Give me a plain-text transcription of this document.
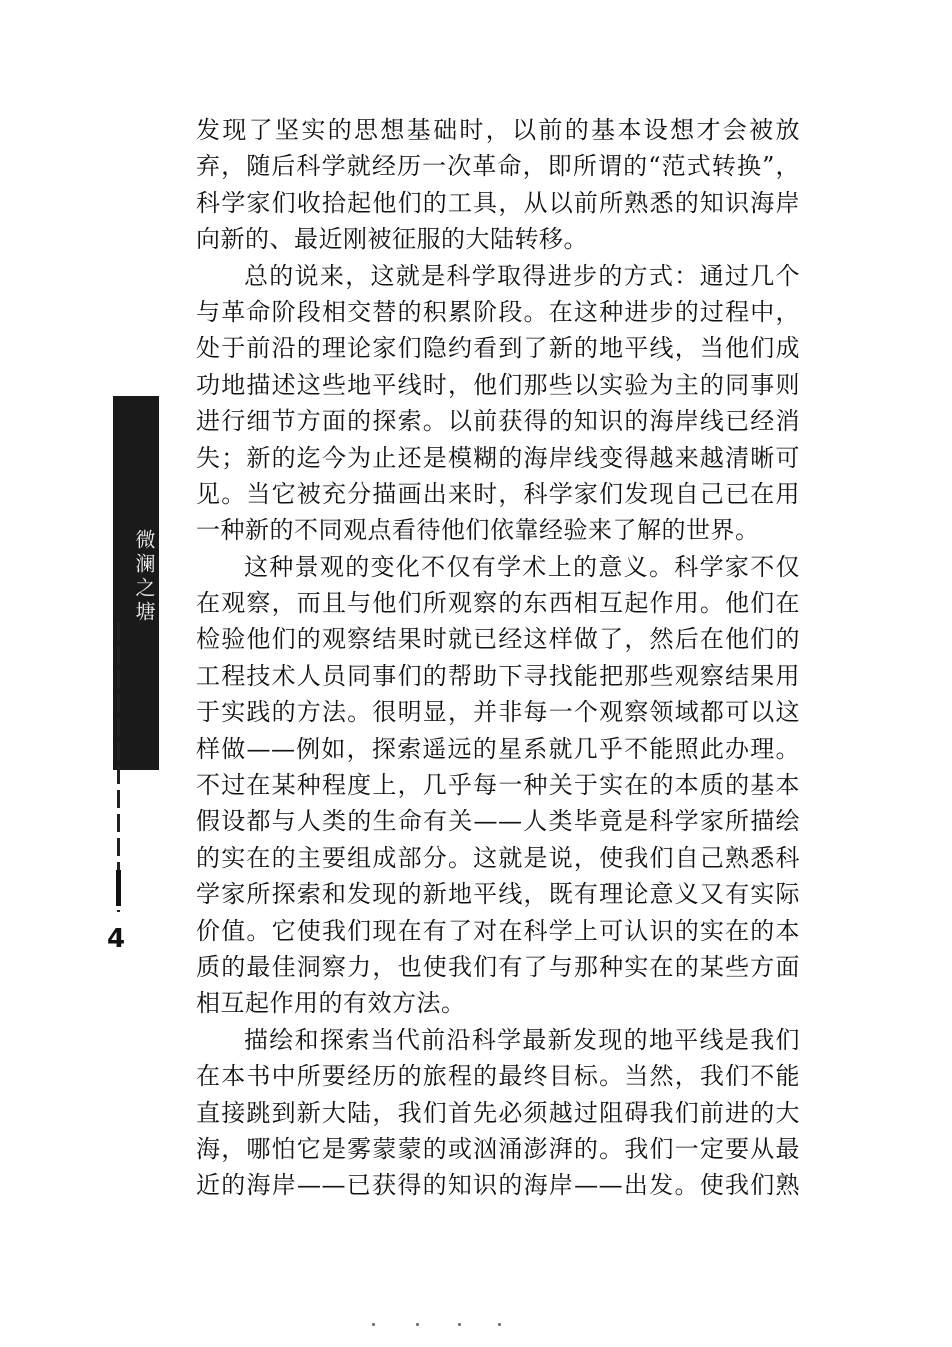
微澜之塘
4

发现了坚实的思想基础时，以前的基本设想才会被放
弃，随后科学就经历一次革命，即所谓的“范式转换”，
科学家们收拾起他们的工具，从以前所熟悉的知识海岸
向新的、最近刚被征服的大陆转移。

总的说来，这就是科学取得进步的方式：通过几个
与革命阶段相交替的积累阶段。在这种进步的过程中，
处于前沿的理论家们隐约看到了新的地平线，当他们成
功地描述这些地平线时，他们那些以实验为主的同事则
进行细节方面的探索。以前获得的知识的海岸线已经消
失；新的迄今为止还是模糊的海岸线变得越来越清晰可
见。当它被充分描画出来时，科学家们发现自己已在用
一种新的不同观点看待他们依靠经验来了解的世界。

这种景观的变化不仅有学术上的意义。科学家不仅
在观察，而且与他们所观察的东西相互起作用。他们在
检验他们的观察结果时就已经这样做了，然后在他们的
工程技术人员同事们的帮助下寻找能把那些观察结果用
于实践的方法。很明显，并非每一个观察领域都可以这
样做——例如，探索遥远的星系就几乎不能照此办理。
不过在某种程度上，几乎每一种关于实在的本质的基本
假设都与人类的生命有关——人类毕竟是科学家所描绘
的实在的主要组成部分。这就是说，使我们自己熟悉科
学家所探索和发现的新地平线，既有理论意义又有实际
价值。它使我们现在有了对在科学上可认识的实在的本
质的最佳洞察力，也使我们有了与那种实在的某些方面
相互起作用的有效方法。

描绘和探索当代前沿科学最新发现的地平线是我们
在本书中所要经历的旅程的最终目标。当然，我们不能
直接跳到新大陆，我们首先必须越过阻碍我们前进的大
海，哪怕它是雾蒙蒙的或汹涌澎湃的。我们一定要从最
近的海岸——已获得的知识的海岸——出发。使我们熟
